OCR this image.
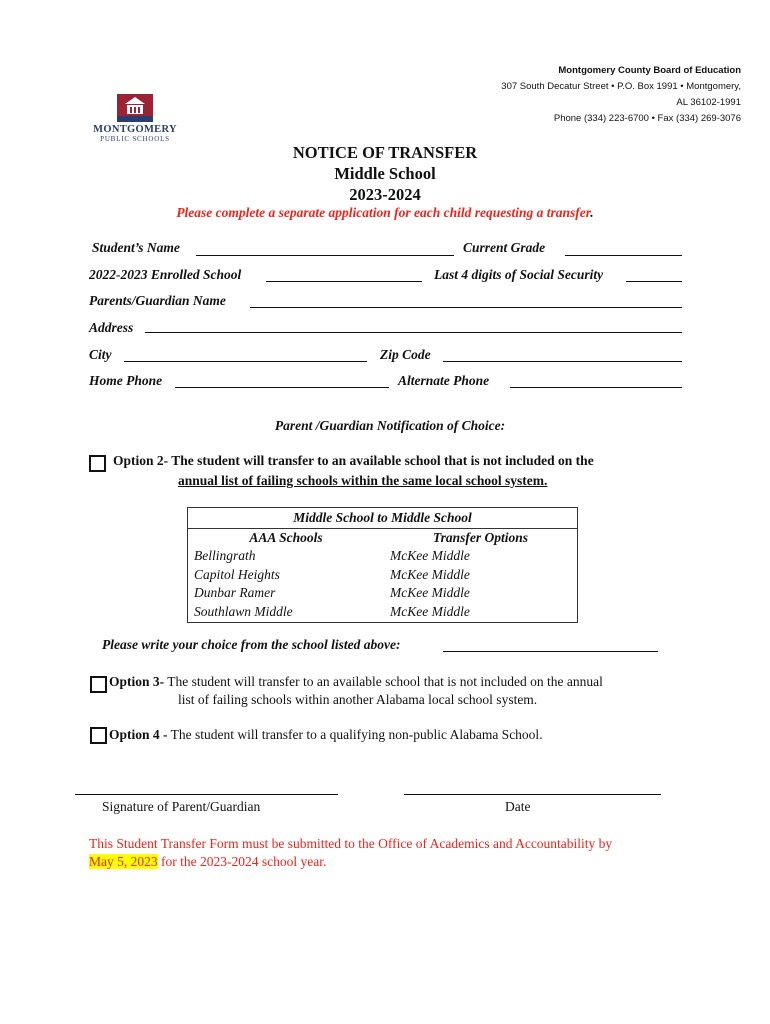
MONTGOMERY
PUBLIC SCHOOLS
Montgomery County Board of Education
307 South Decatur Street • P.O. Box 1991 • Montgomery,
AL 36102-1991
Phone (334) 223-6700 • Fax (334) 269-3076
NOTICE OF TRANSFER
Middle School
2023-2024
Please complete a separate application for each child requesting a transfer.
Student’s Name	Current Grade
2022-2023 Enrolled School	Last 4 digits of Social Security
Parents/Guardian Name
Address
City	Zip Code
Home Phone	Alternate Phone
Parent /Guardian Notification of Choice:
Option 2- The student will transfer to an available school that is not included on the
annual list of failing schools within the same local school system.
Middle School to Middle School	
AAA Schools	Transfer Options
Bellingrath	McKee Middle
Capitol Heights	McKee Middle
Dunbar Ramer	McKee Middle
Southlawn Middle	McKee Middle
Please write your choice from the school listed above:
Option 3- The student will transfer to an available school that is not included on the annual
list of failing schools within another Alabama local school system.
Option 4 - The student will transfer to a qualifying non-public Alabama School.
Signature of Parent/Guardian	Date
This Student Transfer Form must be submitted to the Office of Academics and Accountability by
May 5, 2023 for the 2023-2024 school year.
